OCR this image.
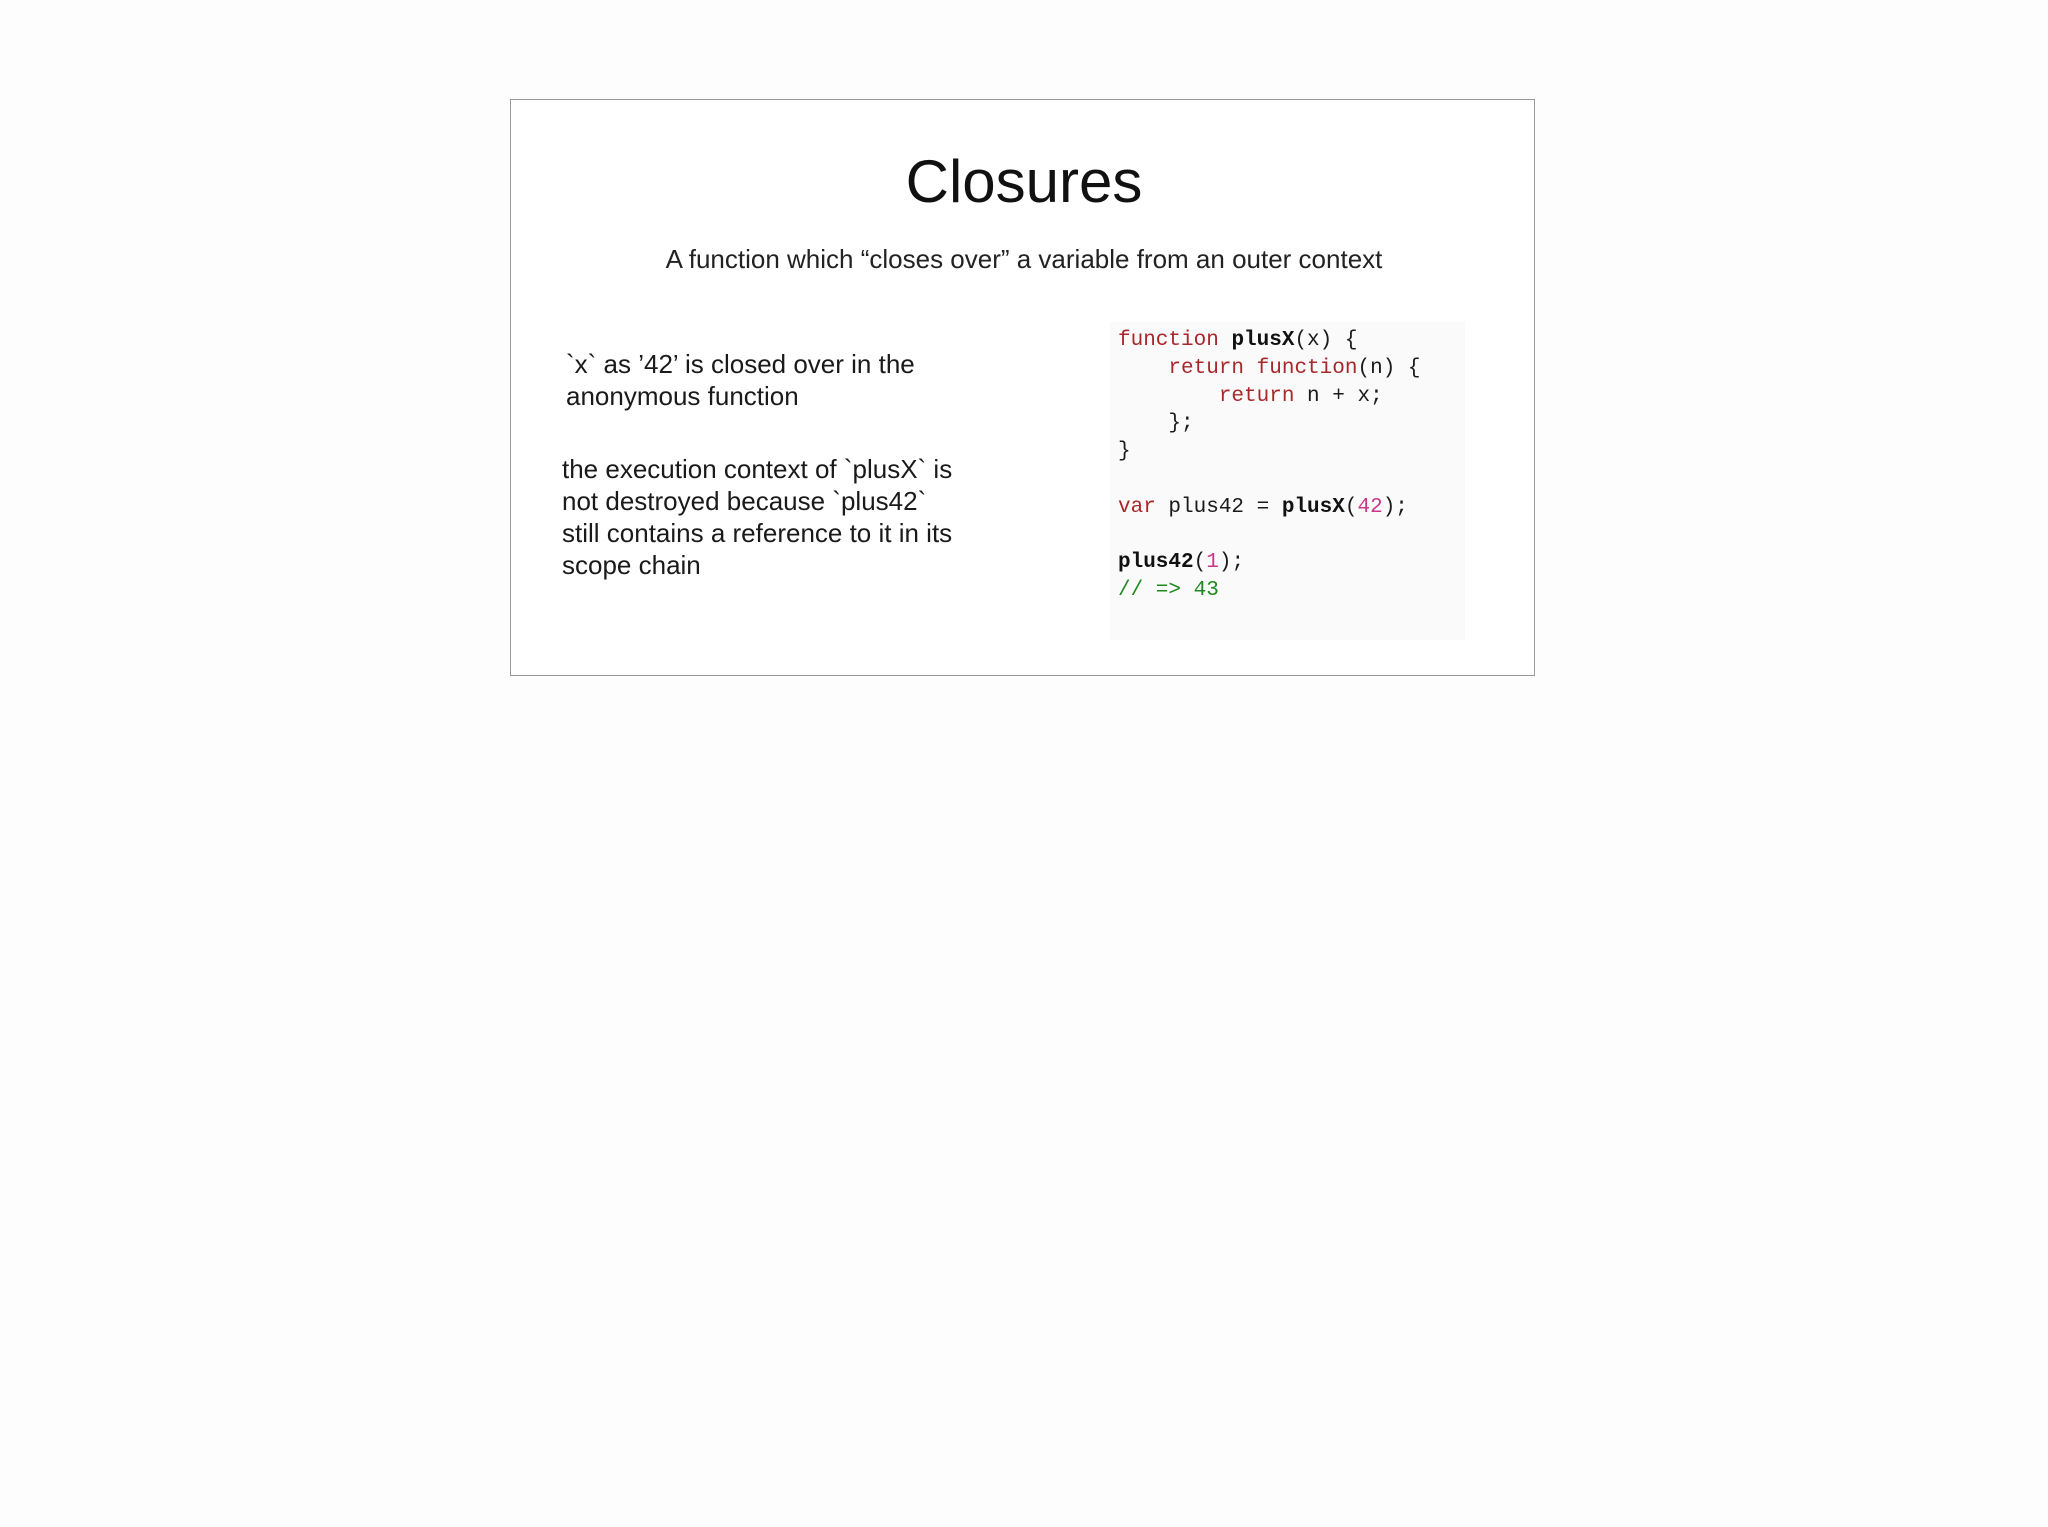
Closures
A function which “closes over” a variable from an outer context
`x` as ’42’ is closed over in the
anonymous function
the execution context of `plusX` is
not destroyed because `plus42`
still contains a reference to it in its
scope chain
function plusX(x) {
return function(n) {
return n + x;
};
}
var plus42 = plusX(42);
plus42(1);
// => 43
